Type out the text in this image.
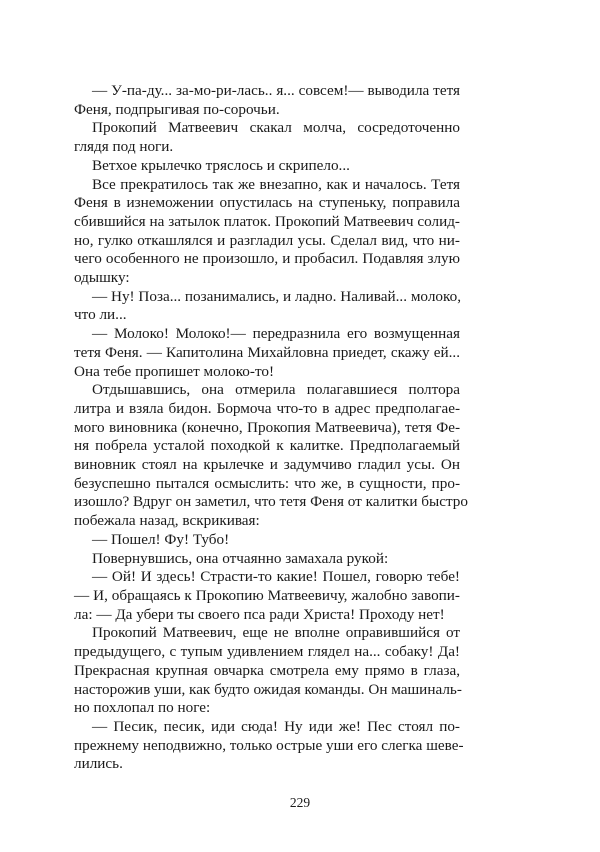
— У-па-ду... за-мо-ри-лась.. я... совсем!— выводила тетя
Феня, подпрыгивая по-сорочьи.
Прокопий Матвеевич скакал молча, сосредоточенно
глядя под ноги.
Ветхое крылечко тряслось и скрипело...
Все прекратилось так же внезапно, как и началось. Тетя
Феня в изнеможении опустилась на ступеньку, поправила
сбившийся на затылок платок. Прокопий Матвеевич солид-
но, гулко откашлялся и разгладил усы. Сделал вид, что ни-
чего особенного не произошло, и пробасил. Подавляя злую
одышку:
— Ну! Поза... позанимались, и ладно. Наливай... молоко,
что ли...
— Молоко! Молоко!— передразнила его возмущенная
тетя Феня. — Капитолина Михайловна приедет, скажу ей...
Она тебе пропишет молоко-то!
Отдышавшись, она отмерила полагавшиеся полтора
литра и взяла бидон. Бормоча что-то в адрес предполагае-
мого виновника (конечно, Прокопия Матвеевича), тетя Фе-
ня побрела усталой походкой к калитке. Предполагаемый
виновник стоял на крылечке и задумчиво гладил усы. Он
безуспешно пытался осмыслить: что же, в сущности, про-
изошло? Вдруг он заметил, что тетя Феня от калитки быстро
побежала назад, вскрикивая:
— Пошел! Фу! Тубо!
Повернувшись, она отчаянно замахала рукой:
— Ой! И здесь! Страсти-то какие! Пошел, говорю тебе!
— И, обращаясь к Прокопию Матвеевичу, жалобно завопи-
ла: — Да убери ты своего пса ради Христа! Проходу нет!
Прокопий Матвеевич, еще не вполне оправившийся от
предыдущего, с тупым удивлением глядел на... собаку! Да!
Прекрасная крупная овчарка смотрела ему прямо в глаза,
насторожив уши, как будто ожидая команды. Он машиналь-
но похлопал по ноге:
— Песик, песик, иди сюда! Ну иди же! Пес стоял по-
прежнему неподвижно, только острые уши его слегка шеве-
лились.
229
